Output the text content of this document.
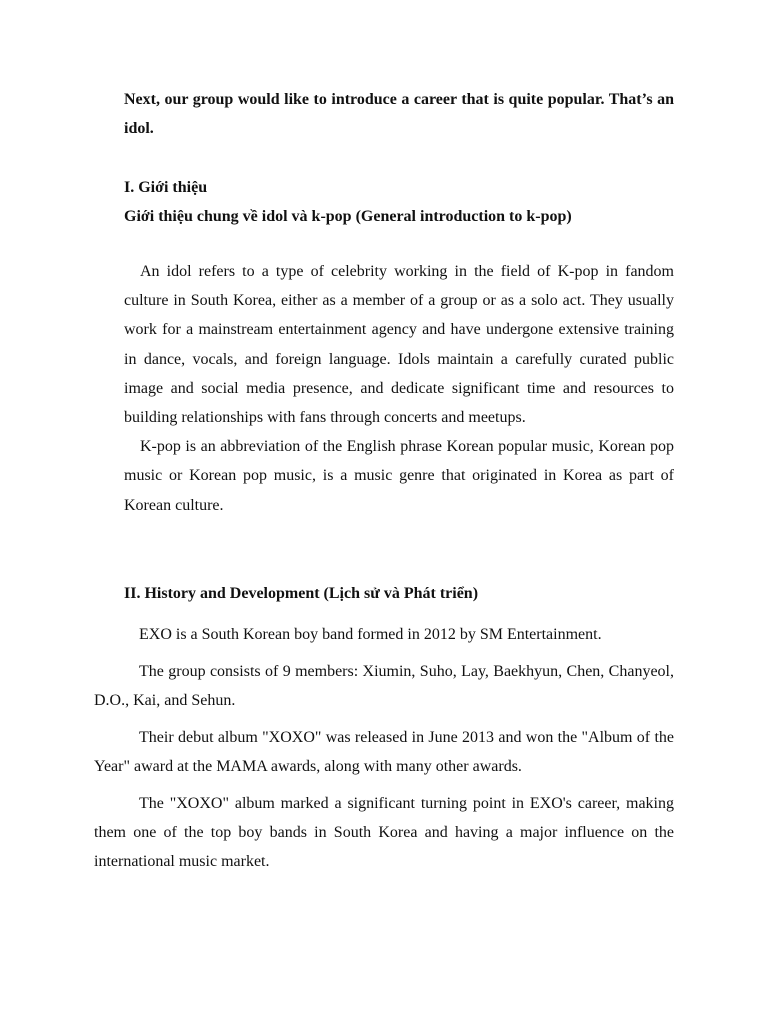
Next, our group would like to introduce a career that is quite popular. That’s an idol.

I. Giới thiệu

Giới thiệu chung về idol và k-pop (General introduction to k-pop)

An idol refers to a type of celebrity working in the field of K-pop in fandom culture in South Korea, either as a member of a group or as a solo act. They usually work for a mainstream entertainment agency and have undergone extensive training in dance, vocals, and foreign language. Idols maintain a carefully curated public image and social media presence, and dedicate significant time and resources to building relationships with fans through concerts and meetups.

K-pop is an abbreviation of the English phrase Korean popular music, Korean pop music or Korean pop music, is a music genre that originated in Korea as part of Korean culture.

II. History and Development (Lịch sử và Phát triển)

EXO is a South Korean boy band formed in 2012 by SM Entertainment.

The group consists of 9 members: Xiumin, Suho, Lay, Baekhyun, Chen, Chanyeol, D.O., Kai, and Sehun.

Their debut album "XOXO" was released in June 2013 and won the "Album of the Year" award at the MAMA awards, along with many other awards.

The "XOXO" album marked a significant turning point in EXO's career, making them one of the top boy bands in South Korea and having a major influence on the international music market.
